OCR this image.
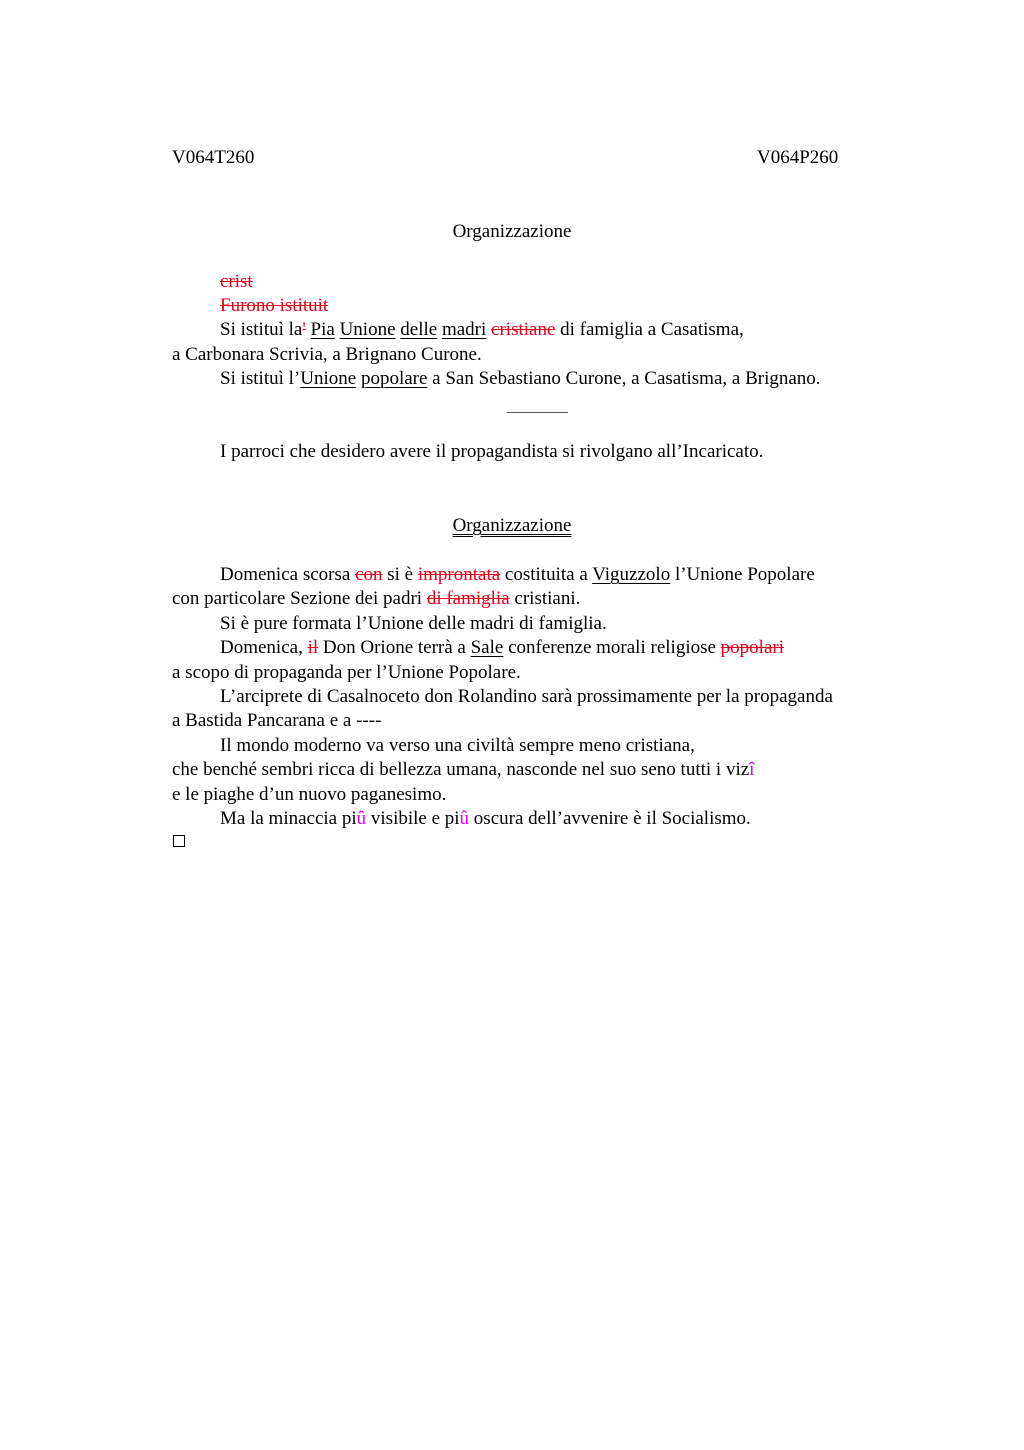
V064T260	V064P260
Organizzazione
crist
Furono istituit
Si istituì la' Pia Unione delle madri cristiane di famiglia a Casatisma,
a Carbonara Scrivia, a Brignano Curone.
Si istituì l’Unione popolare a San Sebastiano Curone, a Casatisma, a Brignano.
I parroci che desidero avere il propagandista si rivolgano all’Incaricato.
Organizzazione
Domenica scorsa con si è improntata costituita a Viguzzolo l’Unione Popolare
con particolare Sezione dei padri di famiglia cristiani.
Si è pure formata l’Unione delle madri di famiglia.
Domenica, il Don Orione terrà a Sale conferenze morali religiose popolari
a scopo di propaganda per l’Unione Popolare.
L’arciprete di Casalnoceto don Rolandino sarà prossimamente per la propaganda
a Bastida Pancarana e a ----
Il mondo moderno va verso una civiltà sempre meno cristiana,
che benché sembri ricca di bellezza umana, nasconde nel suo seno tutti i vizî
e le piaghe d’un nuovo paganesimo.
Ma la minaccia piû visibile e piû oscura dell’avvenire è il Socialismo.
